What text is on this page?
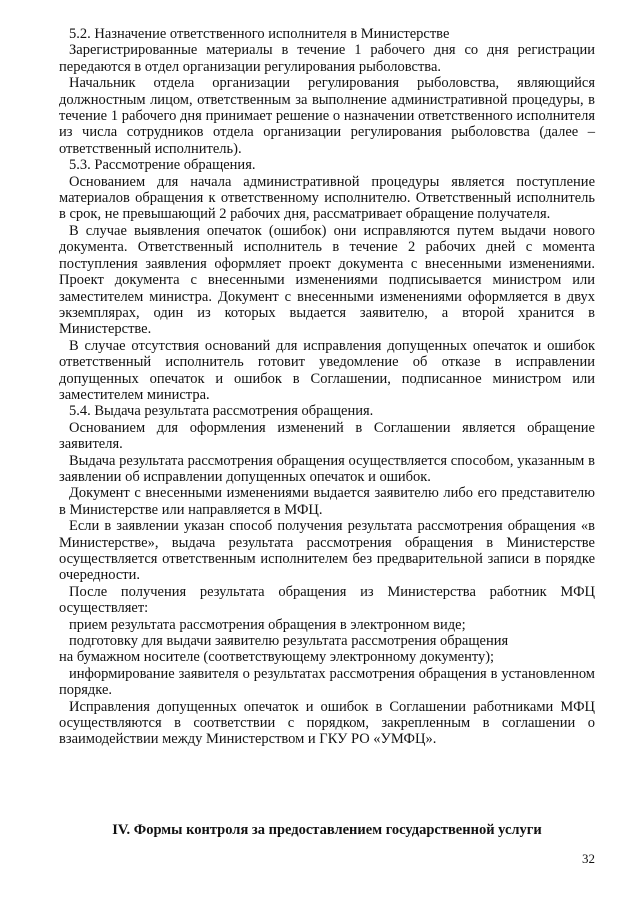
5.2. Назначение ответственного исполнителя в Министерстве

Зарегистрированные материалы в течение 1 рабочего дня со дня регистрации передаются в отдел организации регулирования рыболовства.

Начальник отдела организации регулирования рыболовства, являющийся должностным лицом, ответственным за выполнение административной процедуры, в течение 1 рабочего дня принимает решение о назначении ответственного исполнителя из числа сотрудников отдела организации регулирования рыболовства (далее – ответственный исполнитель).

5.3. Рассмотрение обращения.

Основанием для начала административной процедуры является поступление материалов обращения к ответственному исполнителю. Ответственный исполнитель в срок, не превышающий 2 рабочих дня, рассматривает обращение получателя.

В случае выявления опечаток (ошибок) они исправляются путем выдачи нового документа. Ответственный исполнитель в течение 2 рабочих дней с момента поступления заявления оформляет проект документа с внесенными изменениями. Проект документа с внесенными изменениями подписывается министром или заместителем министра. Документ с внесенными изменениями оформляется в двух экземплярах, один из которых выдается заявителю, а второй хранится в Министерстве.

В случае отсутствия оснований для исправления допущенных опечаток и ошибок ответственный исполнитель готовит уведомление об отказе в исправлении допущенных опечаток и ошибок в Соглашении, подписанное министром или заместителем министра.

5.4. Выдача результата рассмотрения обращения.

Основанием для оформления изменений в Соглашении является обращение заявителя.

Выдача результата рассмотрения обращения осуществляется способом, указанным в заявлении об исправлении допущенных опечаток и ошибок.

Документ с внесенными изменениями выдается заявителю либо его представителю в Министерстве или направляется в МФЦ.

Если в заявлении указан способ получения результата рассмотрения обращения «в Министерстве», выдача результата рассмотрения обращения в Министерстве осуществляется ответственным исполнителем без предварительной записи в порядке очередности.

После получения результата обращения из Министерства работник МФЦ осуществляет:

прием результата рассмотрения обращения в электронном виде;

подготовку для выдачи заявителю результата рассмотрения обращения

на бумажном носителе (соответствующему электронному документу);

информирование заявителя о результатах рассмотрения обращения в установленном порядке.

Исправления допущенных опечаток и ошибок в Соглашении работниками МФЦ осуществляются в соответствии с порядком, закрепленным в соглашении о взаимодействии между Министерством и ГКУ РО «УМФЦ».

IV. Формы контроля за предоставлением государственной услуги
32
